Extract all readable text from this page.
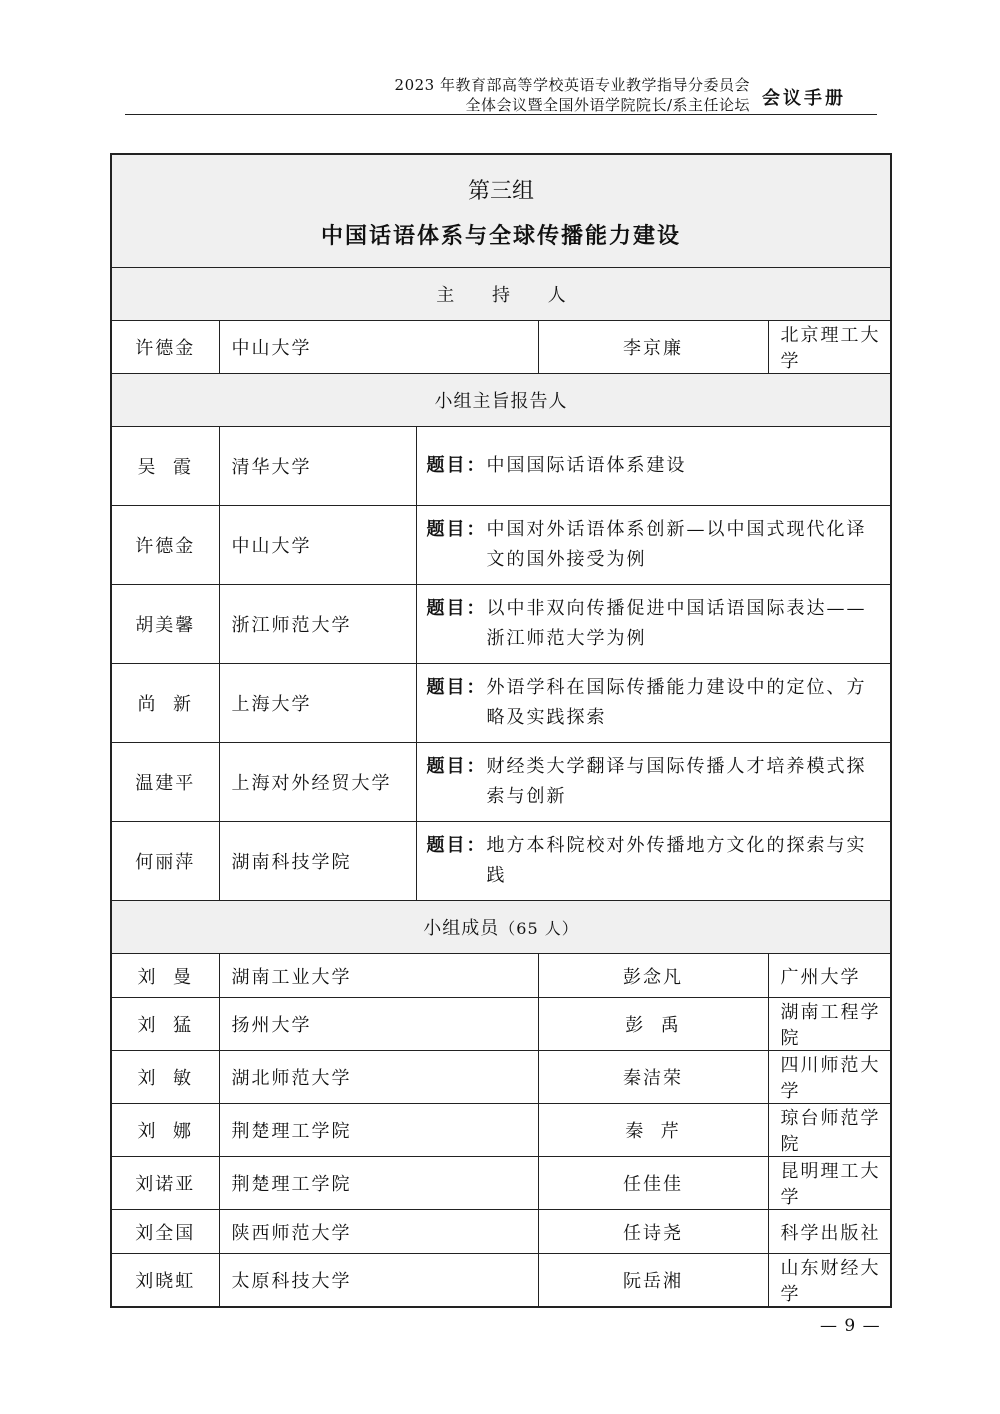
2023 年教育部高等学校英语专业教学指导分委员会
全体会议暨全国外语学院院长/系主任论坛 会议手册
第三组
中国话语体系与全球传播能力建设				

主 持 人				
许德金	中山大学		李京廉	北京理工大学
小组主旨报告人				
吴  霞	清华大学	题目： 中国国际话语体系建设		

许德金	中山大学	题目： 中国对外话语体系创新—以中国式现代化译文的国外接受为例		

胡美馨	浙江师范大学	题目： 以中非双向传播促进中国话语国际表达——浙江师范大学为例		

尚  新	上海大学	题目： 外语学科在国际传播能力建设中的定位、方略及实践探索		

温建平	上海对外经贸大学	题目： 财经类大学翻译与国际传播人才培养模式探索与创新		

何丽萍	湖南科技学院	题目： 地方本科院校对外传播地方文化的探索与实践		

小组成员（65 人）				
刘  曼	湖南工业大学		彭念凡	广州大学
刘  猛	扬州大学		彭  禹	湖南工程学院
刘  敏	湖北师范大学		秦洁荣	四川师范大学
刘  娜	荆楚理工学院		秦  芹	琼台师范学院
刘诺亚	荆楚理工学院		任佳佳	昆明理工大学
刘全国	陕西师范大学		任诗尧	科学出版社
刘晓虹	太原科技大学		阮岳湘	山东财经大学
— 9 —
